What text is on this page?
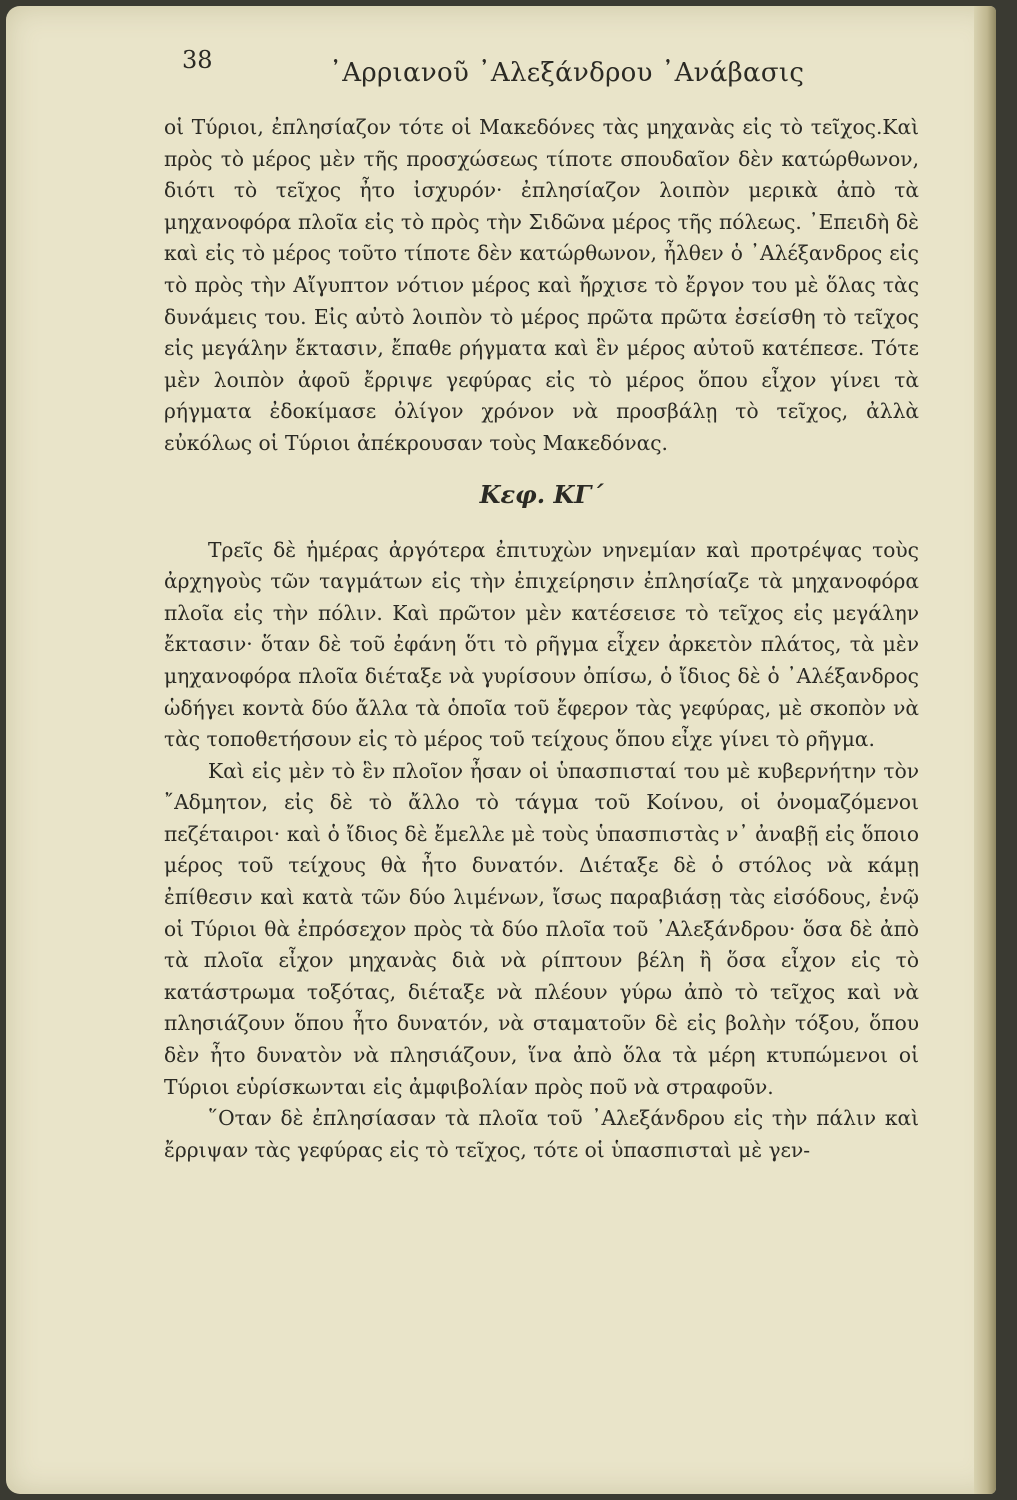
38	᾿Αρριανοῦ ᾿Αλεξάνδρου ᾿Ανάβασις

οἱ Τύριοι, ἐπλησίαζον τότε οἱ Μακεδόνες τὰς μηχανὰς εἰς τὸ τεῖχος.Καὶ πρὸς τὸ μέρος μὲν τῆς προσχώσεως τίποτε σπουδαῖον δὲν κατώρθωνον, διότι τὸ τεῖχος ἦτο ἰσχυρόν· ἐπλησίαζον λοιπὸν μερικὰ ἀπὸ τὰ μηχανοφόρα πλοῖα εἰς τὸ πρὸς τὴν Σιδῶνα μέρος τῆς πόλεως. ᾿Επειδὴ δὲ καὶ εἰς τὸ μέρος τοῦτο τίποτε δὲν κατώρθωνον, ἦλθεν ὁ ᾿Αλέξανδρος εἰς τὸ πρὸς τὴν Αἴγυπτον νότιον μέρος καὶ ἤρχισε τὸ ἔργον του μὲ ὅλας τὰς δυνάμεις του. Εἰς αὐτὸ λοιπὸν τὸ μέρος πρῶτα πρῶτα ἐσείσθη τὸ τεῖχος εἰς μεγάλην ἔκτασιν, ἔπαθε ρήγματα καὶ ἓν μέρος αὐτοῦ κατέπεσε. Τότε μὲν λοιπὸν ἀφοῦ ἔρριψε γεφύρας εἰς τὸ μέρος ὅπου εἶχον γίνει τὰ ρήγματα ἐδοκίμασε ὀλίγον χρόνον νὰ προσβάλῃ τὸ τεῖχος, ἀλλὰ εὐκόλως οἱ Τύριοι ἀπέκρουσαν τοὺς Μακεδόνας.

Κεφ. ΚΓ΄

Τρεῖς δὲ ἡμέρας ἀργότερα ἐπιτυχὼν νηνεμίαν καὶ προτρέψας τοὺς ἀρχηγοὺς τῶν ταγμάτων εἰς τὴν ἐπιχείρησιν ἐπλησίαζε τὰ μηχανοφόρα πλοῖα εἰς τὴν πόλιν. Καὶ πρῶτον μὲν κατέσεισε τὸ τεῖχος εἰς μεγάλην ἔκτασιν· ὅταν δὲ τοῦ ἐφάνη ὅτι τὸ ρῆγμα εἶχεν ἀρκετὸν πλάτος, τὰ μὲν μηχανοφόρα πλοῖα διέταξε νὰ γυρίσουν ὀπίσω, ὁ ἴδιος δὲ ὁ ᾿Αλέξανδρος ὡδήγει κοντὰ δύο ἄλλα τὰ ὁποῖα τοῦ ἔφερον τὰς γεφύρας, μὲ σκοπὸν νὰ τὰς τοποθετήσουν εἰς τὸ μέρος τοῦ τείχους ὅπου εἶχε γίνει τὸ ρῆγμα.

Καὶ εἰς μὲν τὸ ἓν πλοῖον ἦσαν οἱ ὑπασπισταί του μὲ κυβερνήτην τὸν ῎Αδμητον, εἰς δὲ τὸ ἄλλο τὸ τάγμα τοῦ Κοίνου, οἱ ὀνομαζόμενοι πεζέταιροι· καὶ ὁ ἴδιος δὲ ἔμελλε μὲ τοὺς ὑπασπιστὰς ν᾿ ἀναβῇ εἰς ὅποιο μέρος τοῦ τείχους θὰ ἦτο δυνατόν. Διέταξε δὲ ὁ στόλος νὰ κάμῃ ἐπίθεσιν καὶ κατὰ τῶν δύο λιμένων, ἴσως παραβιάσῃ τὰς εἰσόδους, ἐνῷ οἱ Τύριοι θὰ ἐπρόσεχον πρὸς τὰ δύο πλοῖα τοῦ ᾿Αλεξάνδρου· ὅσα δὲ ἀπὸ τὰ πλοῖα εἶχον μηχανὰς διὰ νὰ ρίπτουν βέλη ἢ ὅσα εἶχον εἰς τὸ κατάστρωμα τοξότας, διέταξε νὰ πλέουν γύρω ἀπὸ τὸ τεῖχος καὶ νὰ πλησιάζουν ὅπου ἦτο δυνατόν, νὰ σταματοῦν δὲ εἰς βολὴν τόξου, ὅπου δὲν ἦτο δυνατὸν νὰ πλησιάζουν, ἵνα ἀπὸ ὅλα τὰ μέρη κτυπώμενοι οἱ Τύριοι εὑρίσκωνται εἰς ἀμφιβολίαν πρὸς ποῦ νὰ στραφοῦν.

῞Οταν δὲ ἐπλησίασαν τὰ πλοῖα τοῦ ᾿Αλεξάνδρου εἰς τὴν πάλιν καὶ ἔρριψαν τὰς γεφύρας εἰς τὸ τεῖχος, τότε οἱ ὑπασπισταὶ μὲ γεν-
